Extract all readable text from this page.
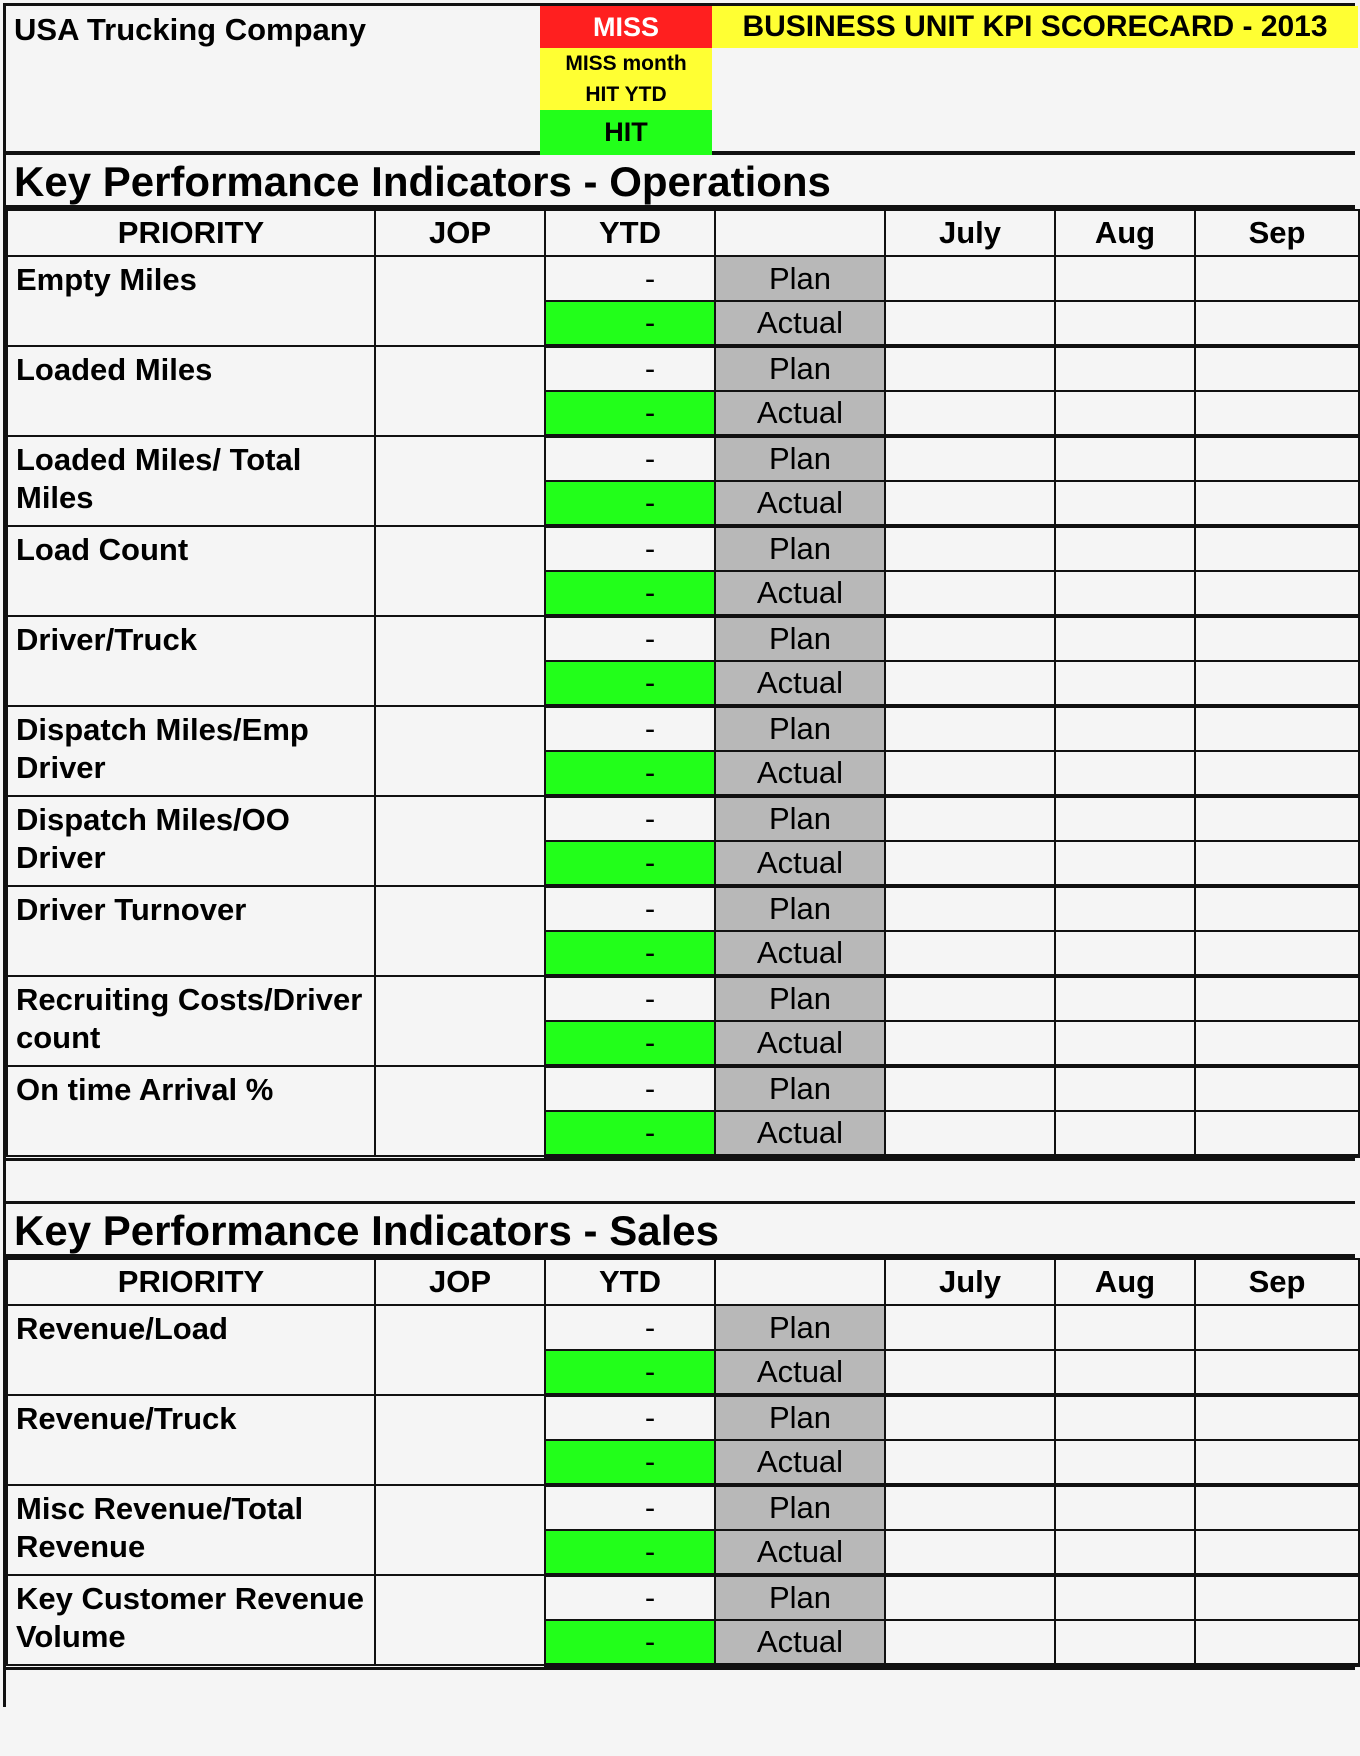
USA Trucking Company	MISS
MISS month
HIT YTD
HIT
BUSINESS UNIT KPI SCORECARD - 2013
Key Performance Indicators - Operations
PRIORITY	JOP	YTD		July	Aug	Sep
Empty Miles		-	Plan			
		-	Actual			
Loaded Miles		-	Plan			
		-	Actual			
Loaded Miles/ Total Miles		-	Plan			
		-	Actual			
Load Count		-	Plan			
		-	Actual			
Driver/Truck		-	Plan			
		-	Actual			
Dispatch Miles/Emp Driver		-	Plan			
		-	Actual			
Dispatch Miles/OO Driver		-	Plan			
		-	Actual			
Driver Turnover		-	Plan			
		-	Actual			
Recruiting Costs/Driver count		-	Plan			
		-	Actual			
On time Arrival %		-	Plan			
		-	Actual			
Key Performance Indicators - Sales
PRIORITY	JOP	YTD		July	Aug	Sep
Revenue/Load		-	Plan			
		-	Actual			
Revenue/Truck		-	Plan			
		-	Actual			
Misc Revenue/Total Revenue		-	Plan			
		-	Actual			
Key Customer Revenue Volume		-	Plan			
		-	Actual			
